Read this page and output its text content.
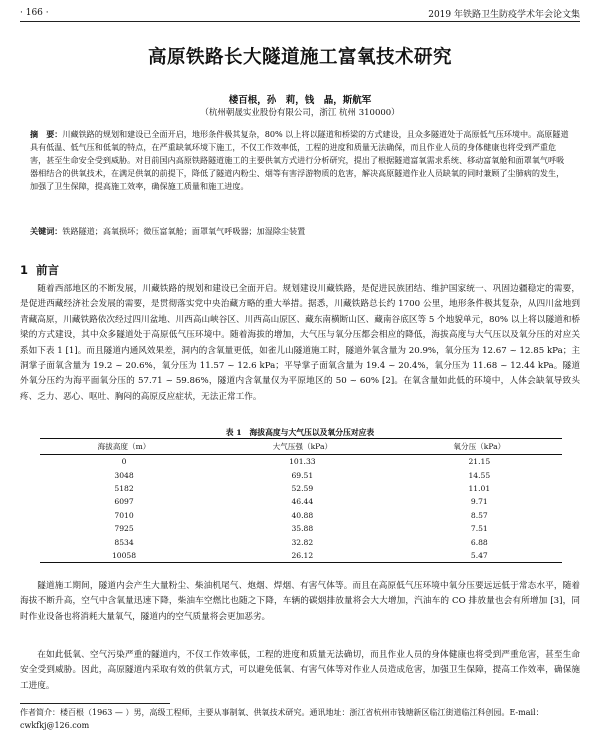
· 166 ·	2019 年铁路卫生防疫学术年会论文集
高原铁路长大隧道施工富氧技术研究
楼百根，孙　莉，钱　晶，斯航军
（杭州朝晟实业股份有限公司，浙江 杭州 310000）
摘　要：川藏铁路的规划和建设已全面开启，地形条件极其复杂，80% 以上将以隧道和桥梁的方式建设，且众多隧道处于高原低气压环境中。高原隧道具有低温、低气压和低氧的特点，在严重缺氧环境下施工，不仅工作效率低，工程的进度和质量无法确保，而且作业人员的身体健康也将受到严重危害，甚至生命安全受到威胁。对目前国内高原铁路隧道施工的主要供氧方式进行分析研究，提出了根据隧道富氧需求系统、移动富氧舱和面罩氧气呼吸器相结合的供氧技术，在满足供氧的前提下，降低了隧道内粉尘、烟等有害浮游物质的危害，解决高原隧道作业人员缺氧的同时兼顾了尘肺病的发生，加强了卫生保障，提高施工效率，确保施工质量和施工进度。
关键词：铁路隧道；高氧损坏；微压富氧舱；面罩氧气呼吸器；加湿除尘装置
1 前言
随着西部地区的不断发展，川藏铁路的规划和建设已全面开启。规划建设川藏铁路，是促进民族团结、维护国家统一、巩固边疆稳定的需要，是促进西藏经济社会发展的需要，是贯彻落实党中央治藏方略的重大举措。据悉，川藏铁路总长约 1700 公里，地形条件极其复杂，从四川盆地到青藏高原，川藏铁路依次经过四川盆地、川西高山峡谷区、川西高山原区、藏东南横断山区、藏南谷底区等 5 个地貌单元，80% 以上将以隧道和桥梁的方式建设，其中众多隧道处于高原低气压环境中。随着海拔的增加，大气压与氧分压都会相应的降低，海拔高度与大气压以及氧分压的对应关系如下表 1 [1]。而且隧道内通风效果差，洞内的含氧量更低，如雀儿山隧道施工时，隧道外氧含量为 20.9%，氧分压为 12.67 ~ 12.85 kPa；主洞掌子面氧含量为 19.2 ~ 20.6%，氧分压为 11.57 ~ 12.6 kPa；平导掌子面氧含量为 19.4 ~ 20.4%，氧分压为 11.68 ~ 12.44 kPa。隧道外氧分压约为海平面氧分压的 57.71 ~ 59.86%，隧道内含氧量仅为平原地区的 50 ~ 60% [2]。在氧含量如此低的环境中，人体会缺氧导致头疼、乏力、恶心、呕吐、胸闷的高原反应症状，无法正常工作。
表 1　海拔高度与大气压以及氧分压对应表
海拔高度（m）	大气压强（kPa）	氧分压（kPa）
0	101.33	21.15
3048	69.51	14.55
5182	52.59	11.01
6097	46.44	9.71
7010	40.88	8.57
7925	35.88	7.51
8534	32.82	6.88
10058	26.12	5.47
隧道施工期间，隧道内会产生大量粉尘、柴油机尾气、炮烟、焊烟、有害气体等。而且在高原低气压环境中氧分压要远远低于常态水平，随着海拔不断升高，空气中含氧量迅速下降，柴油车空燃比也随之下降，车辆的碳烟排放量将会大大增加，汽油车的 CO 排放量也会有所增加 [3]，同时作业设备也将消耗大量氧气，隧道内的空气质量将会更加恶劣。
在如此低氧、空气污染严重的隧道内，不仅工作效率低，工程的进度和质量无法确切，而且作业人员的身体健康也将受到严重危害，甚至生命安全受到威胁。因此，高原隧道内采取有效的供氧方式，可以避免低氧、有害气体等对作业人员造成危害，加强卫生保障，提高工作效率，确保施工进度。
作者简介：楼百根（1963 — ）男，高级工程师，主要从事制氧、供氧技术研究。通讯地址：浙江省杭州市钱塘新区临江街道临江科创园。E-mail：cwkfkj@126.com
